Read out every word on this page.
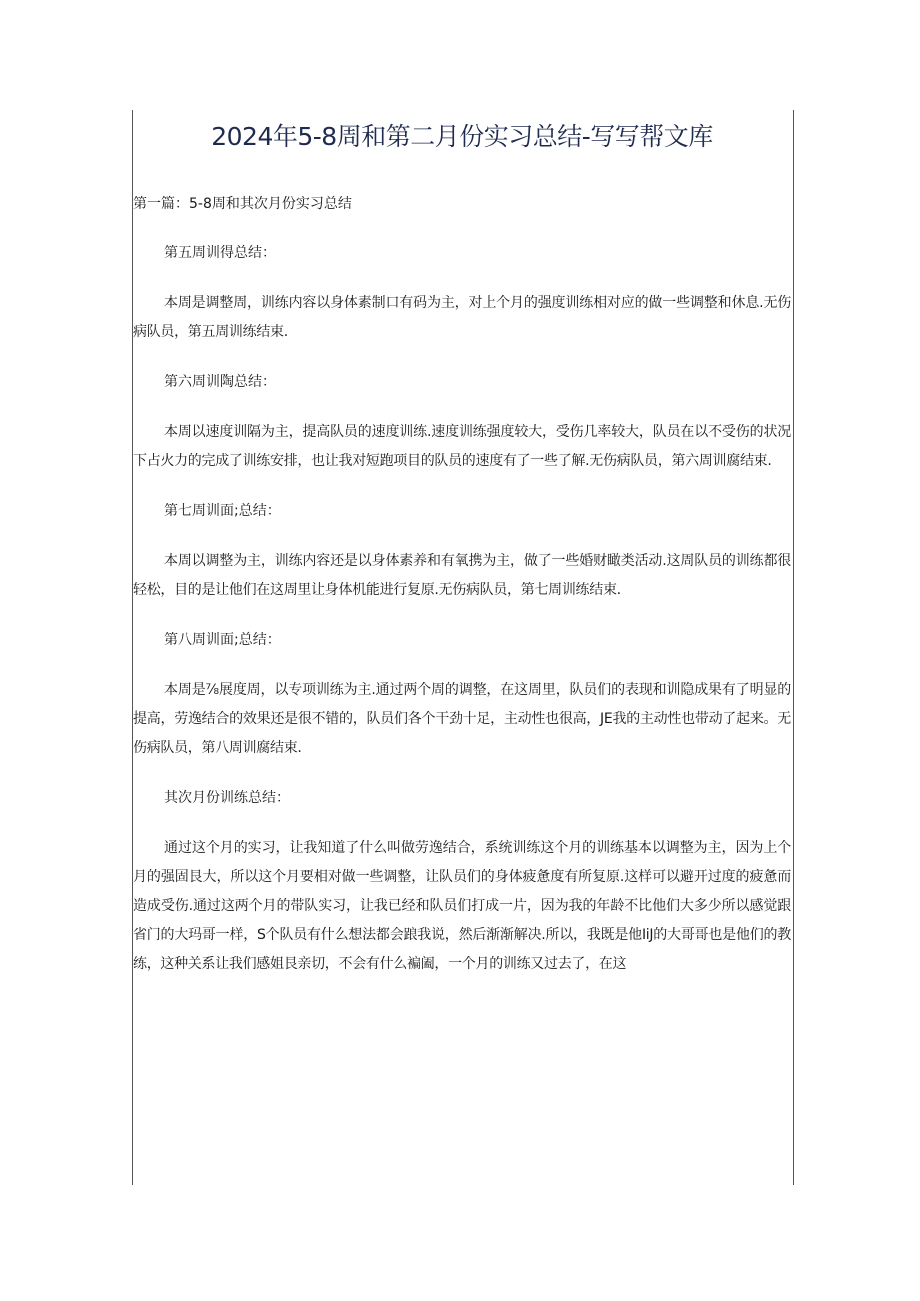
2024年5-8周和第二月份实习总结-写写帮文库

第一篇：5-8周和其次月份实习总结

第五周训得总结：

本周是调整周，训练内容以身体素制口有码为主，对上个月的强度训练相对应的做一些调整和休息.无伤病队员，第五周训练结束.

第六周训陶总结：

本周以速度训隔为主，提高队员的速度训练.速度训练强度较大，受伤几率较大，队员在以不受伤的状况下占火力的完成了训练安排，也让我对短跑项目的队员的速度有了一些了解.无伤病队员，第六周训腐结束.

第七周训面;总结：

本周以调整为主，训练内容还是以身体素养和有氧携为主，做了一些婚财瞰类活动.这周队员的训练都很轻松，目的是让他们在这周里让身体机能进行复原.无伤病队员，第七周训练结束.

第八周训面;总结：

本周是⅞展度周，以专项训练为主.通过两个周的调整，在这周里，队员们的表现和训隐成果有了明显的提高，劳逸结合的效果还是很不错的，队员们各个干劲十足，主动性也很高，JE我的主动性也带动了起来。无伤病队员，第八周训腐结束.

其次月份训练总结：

通过这个月的实习，让我知道了什么叫做劳逸结合，系统训练这个月的训练基本以调整为主，因为上个月的强固艮大，所以这个月要相对做一些调整，让队员们的身体疲惫度有所复原.这样可以避开过度的疲惫而造成受伤.通过这两个月的带队实习，让我已经和队员们打成一片，因为我的年龄不比他们大多少所以感觉跟省门的大玛哥一样，S个队员有什么想法都会踉我说，然后渐渐解决.所以，我既是他IiJ的大哥哥也是他们的教练，这种关系让我们感姐艮亲切，不会有什么褊阖，一个月的训练又过去了，在这
